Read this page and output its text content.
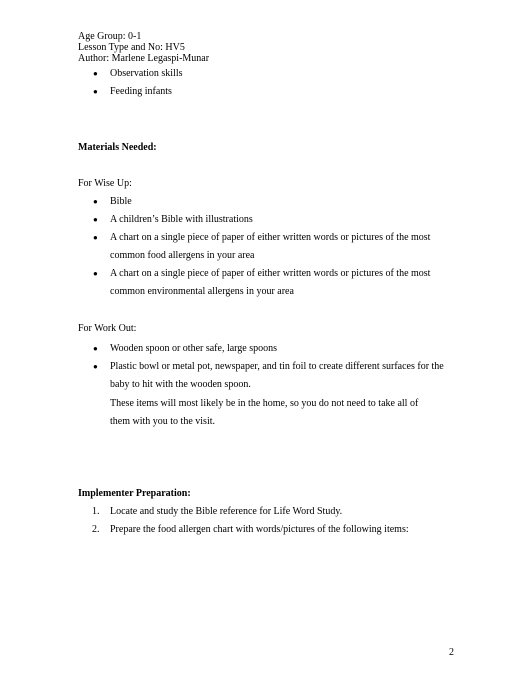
Age Group: 0-1
Lesson Type and No: HV5
Author: Marlene Legaspi-Munar
● Observation skills
● Feeding infants
Materials Needed:
For Wise Up:
● Bible
● A children’s Bible with illustrations
● A chart on a single piece of paper of either written words or pictures of the most common food allergens in your area
● A chart on a single piece of paper of either written words or pictures of the most common environmental allergens in your area
For Work Out:
● Wooden spoon or other safe, large spoons
● Plastic bowl or metal pot, newspaper, and tin foil to create different surfaces for the baby to hit with the wooden spoon.
These items will most likely be in the home, so you do not need to take all of them with you to the visit.
Implementer Preparation:
1. Locate and study the Bible reference for Life Word Study.
2. Prepare the food allergen chart with words/pictures of the following items:
2
